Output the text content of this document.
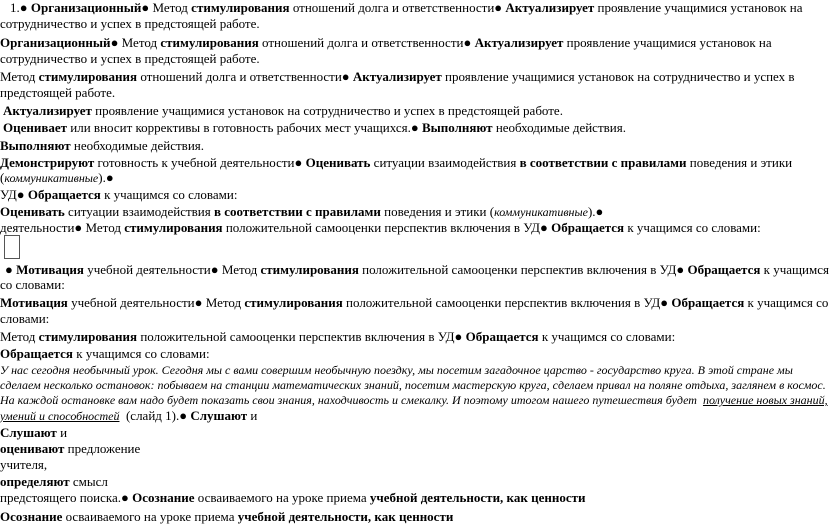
1.● Организационный● Метод стимулирования отношений долга и ответственности● Актуализирует проявление учащимися установок на
сотрудничество и успех в предстоящей работе.
Организационный● Метод стимулирования отношений долга и ответственности● Актуализирует проявление учащимися установок на
сотрудничество и успех в предстоящей работе.
Метод стимулирования отношений долга и ответственности● Актуализирует проявление учащимися установок на сотрудничество и успех в
предстоящей работе.
Актуализирует проявление учащимися установок на сотрудничество и успех в предстоящей работе.
Оценивает или вносит коррективы в готовность рабочих мест учащихся.● Выполняют необходимые действия.
Выполняют необходимые действия.
Демонстрируют готовность к учебной деятельности● Оценивать ситуации взаимодействия в соответствии с правилами поведения и этики
(коммуникативные).●
УД● Обращается к учащимся со словами:
Оценивать ситуации взаимодействия в соответствии с правилами поведения и этики (коммуникативные).●
деятельности● Метод стимулирования положительной самооценки перспектив включения в УД● Обращается к учащимся со словами:
● Мотивация учебной деятельности● Метод стимулирования положительной самооценки перспектив включения в УД● Обращается к учащимся
со словами:
Мотивация учебной деятельности● Метод стимулирования положительной самооценки перспектив включения в УД● Обращается к учащимся со
словами:
Метод стимулирования положительной самооценки перспектив включения в УД● Обращается к учащимся со словами:
Обращается к учащимся со словами:
У нас сегодня необычный урок. Сегодня мы с вами совершим необычную поездку, мы посетим загадочное царство - государство круга. В этой стране мы
сделаем несколько остановок: побываем на станции математических знаний, посетим мастерскую круга, сделаем привал на поляне отдыха, заглянем в космос.
На каждой остановке вам надо будет показать свои знания, находчивость и смекалку. И поэтому итогом нашего путешествия будет  получение новых знаний,
умений и способностей  (слайд 1).● Слушают и
Слушают и
оценивают предложение
учителя,
определяют смысл
предстоящего поиска.● Осознание осваиваемого на уроке приема учебной деятельности, как ценности
Осознание осваиваемого на уроке приема учебной деятельности, как ценности
